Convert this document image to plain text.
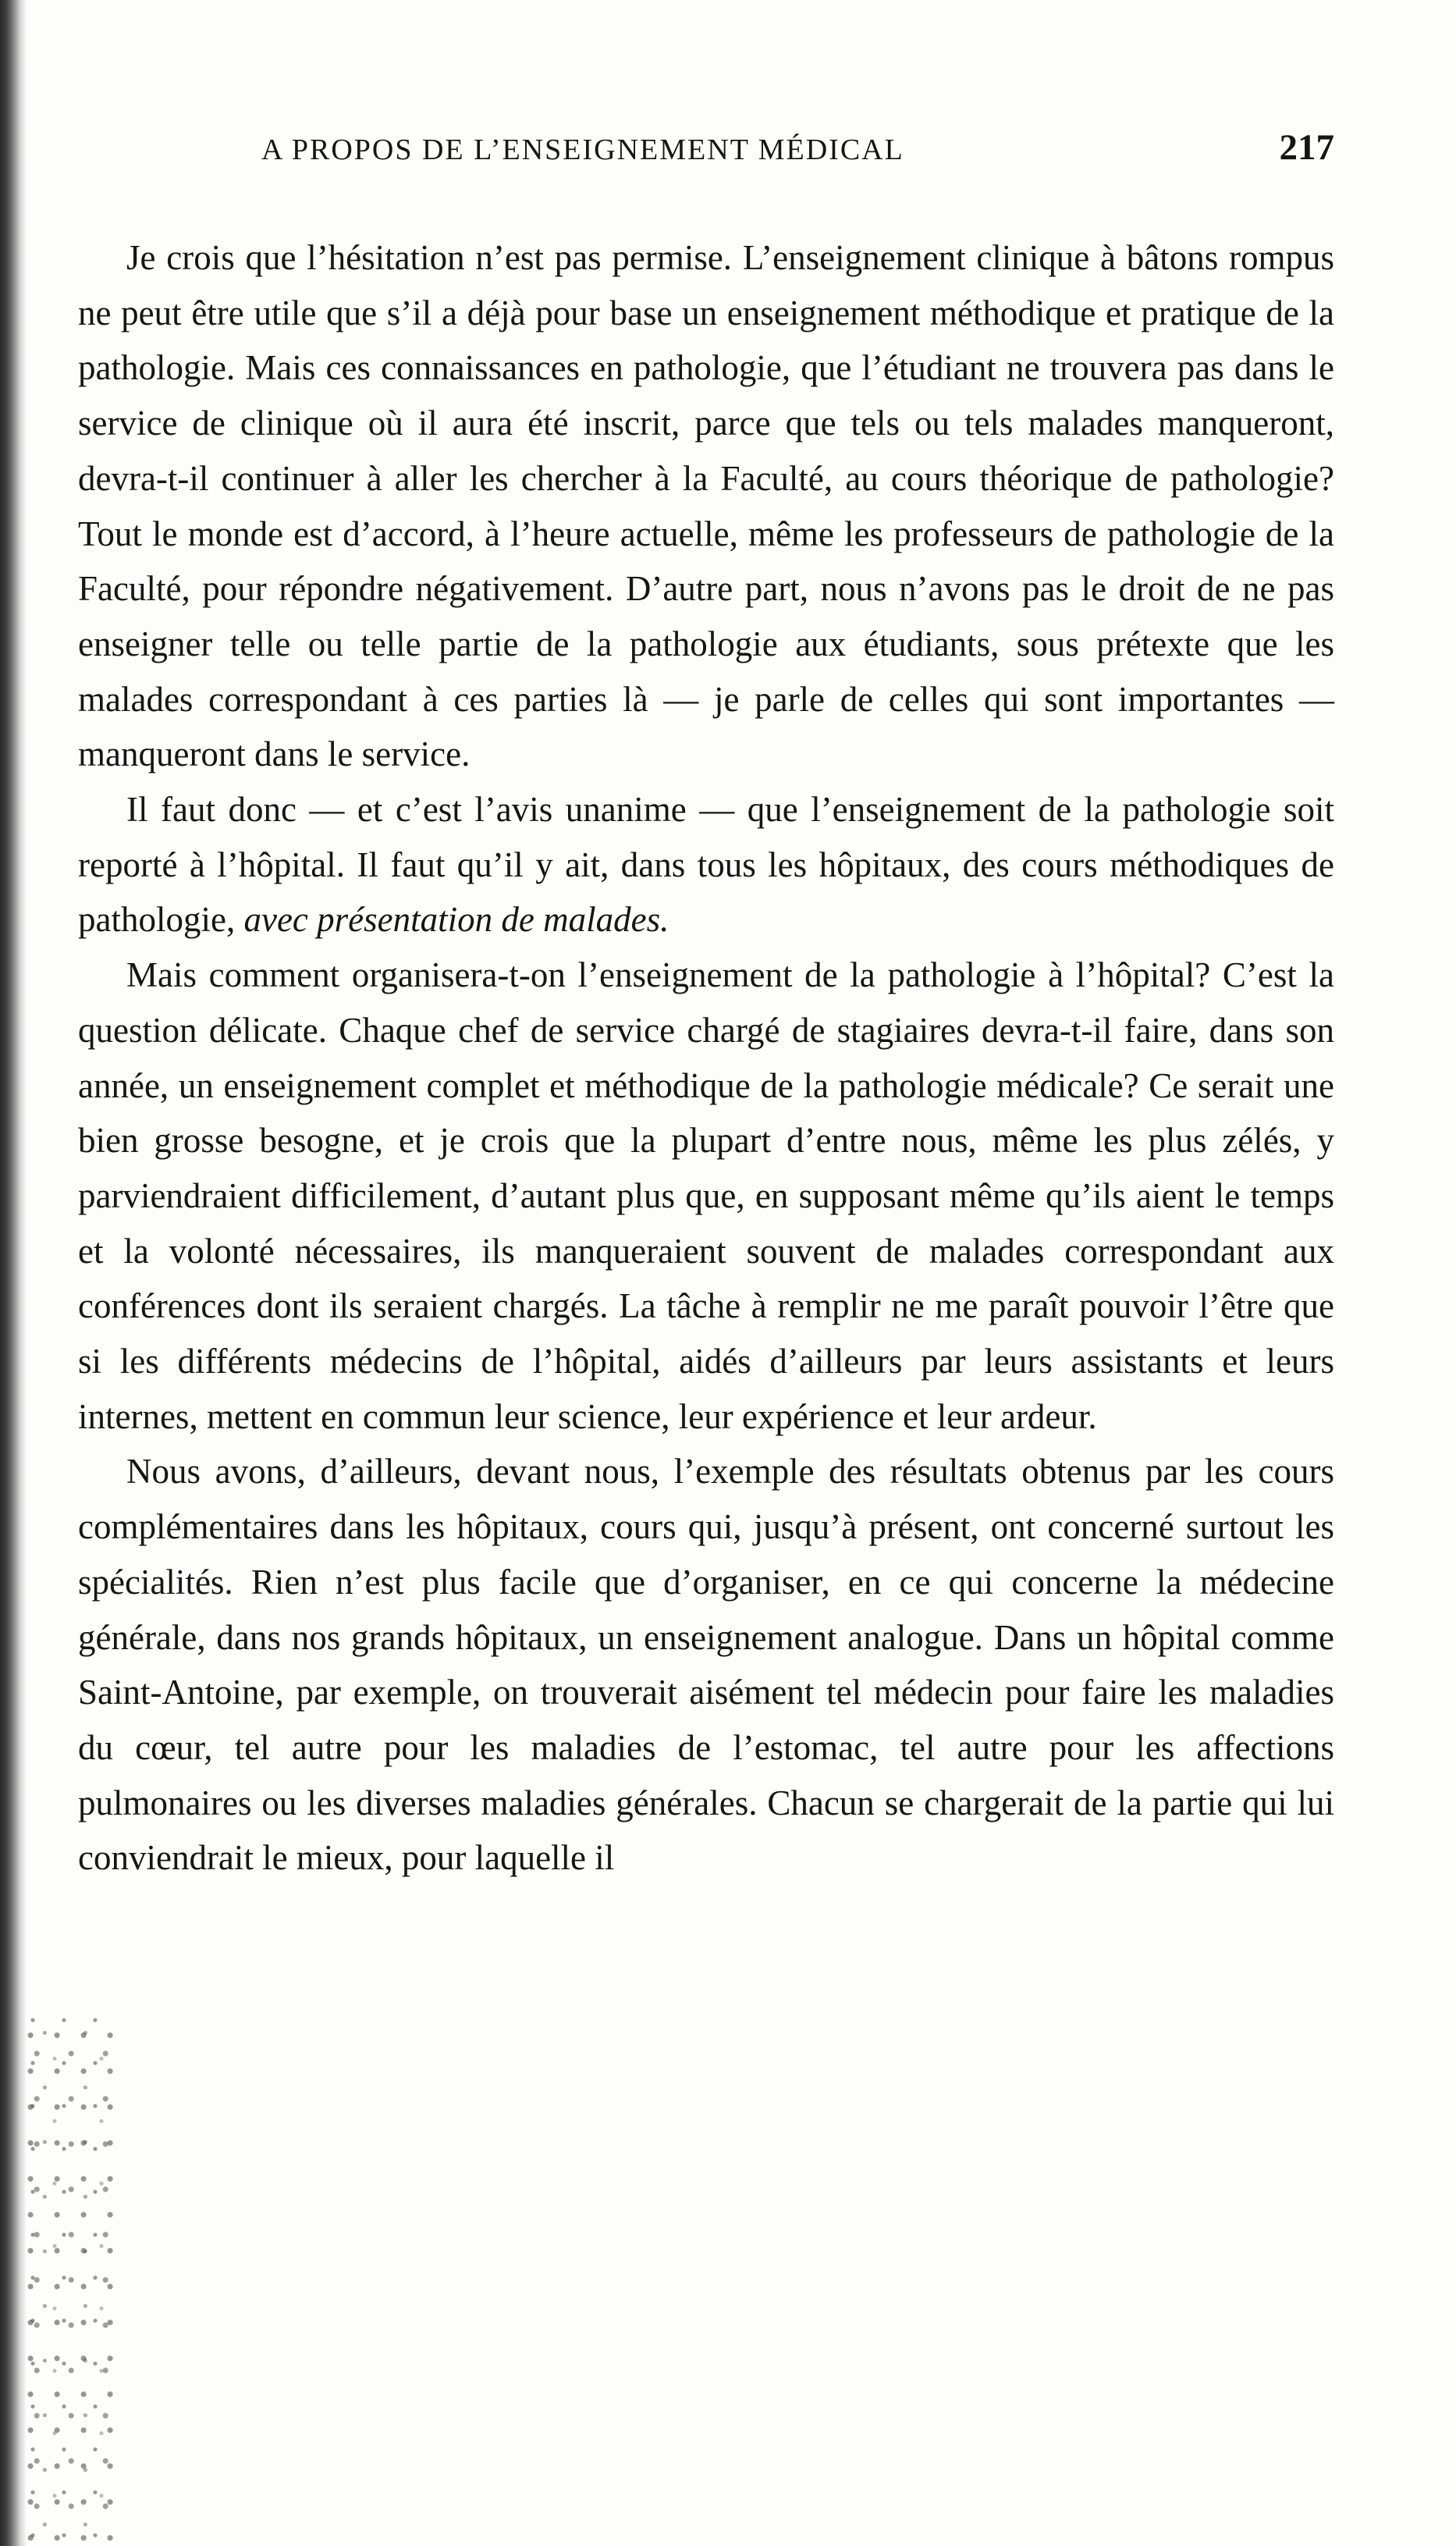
A PROPOS DE L’ENSEIGNEMENT MÉDICAL	217

Je crois que l’hésitation n’est pas permise. L’enseignement clinique à bâtons rompus ne peut être utile que s’il a déjà pour base un enseignement méthodique et pratique de la pathologie. Mais ces connaissances en pathologie, que l’étudiant ne trouvera pas dans le service de clinique où il aura été inscrit, parce que tels ou tels malades manqueront, devra-t-il continuer à aller les chercher à la Faculté, au cours théorique de pathologie? Tout le monde est d’accord, à l’heure actuelle, même les professeurs de pathologie de la Faculté, pour répondre négativement. D’autre part, nous n’avons pas le droit de ne pas enseigner telle ou telle partie de la pathologie aux étudiants, sous prétexte que les malades correspondant à ces parties là — je parle de celles qui sont importantes — manqueront dans le service.

Il faut donc — et c’est l’avis unanime — que l’enseignement de la pathologie soit reporté à l’hôpital. Il faut qu’il y ait, dans tous les hôpitaux, des cours méthodiques de pathologie, avec présentation de malades.

Mais comment organisera-t-on l’enseignement de la pathologie à l’hôpital? C’est la question délicate. Chaque chef de service chargé de stagiaires devra-t-il faire, dans son année, un enseignement complet et méthodique de la pathologie médicale? Ce serait une bien grosse besogne, et je crois que la plupart d’entre nous, même les plus zélés, y parviendraient difficilement, d’autant plus que, en supposant même qu’ils aient le temps et la volonté nécessaires, ils manqueraient souvent de malades correspondant aux conférences dont ils seraient chargés. La tâche à remplir ne me paraît pouvoir l’être que si les différents médecins de l’hôpital, aidés d’ailleurs par leurs assistants et leurs internes, mettent en commun leur science, leur expérience et leur ardeur.

Nous avons, d’ailleurs, devant nous, l’exemple des résultats obtenus par les cours complémentaires dans les hôpitaux, cours qui, jusqu’à présent, ont concerné surtout les spécialités. Rien n’est plus facile que d’organiser, en ce qui concerne la médecine générale, dans nos grands hôpitaux, un enseignement analogue. Dans un hôpital comme Saint-Antoine, par exemple, on trouverait aisément tel médecin pour faire les maladies du cœur, tel autre pour les maladies de l’estomac, tel autre pour les affections pulmonaires ou les diverses maladies générales. Chacun se chargerait de la partie qui lui conviendrait le mieux, pour laquelle il
